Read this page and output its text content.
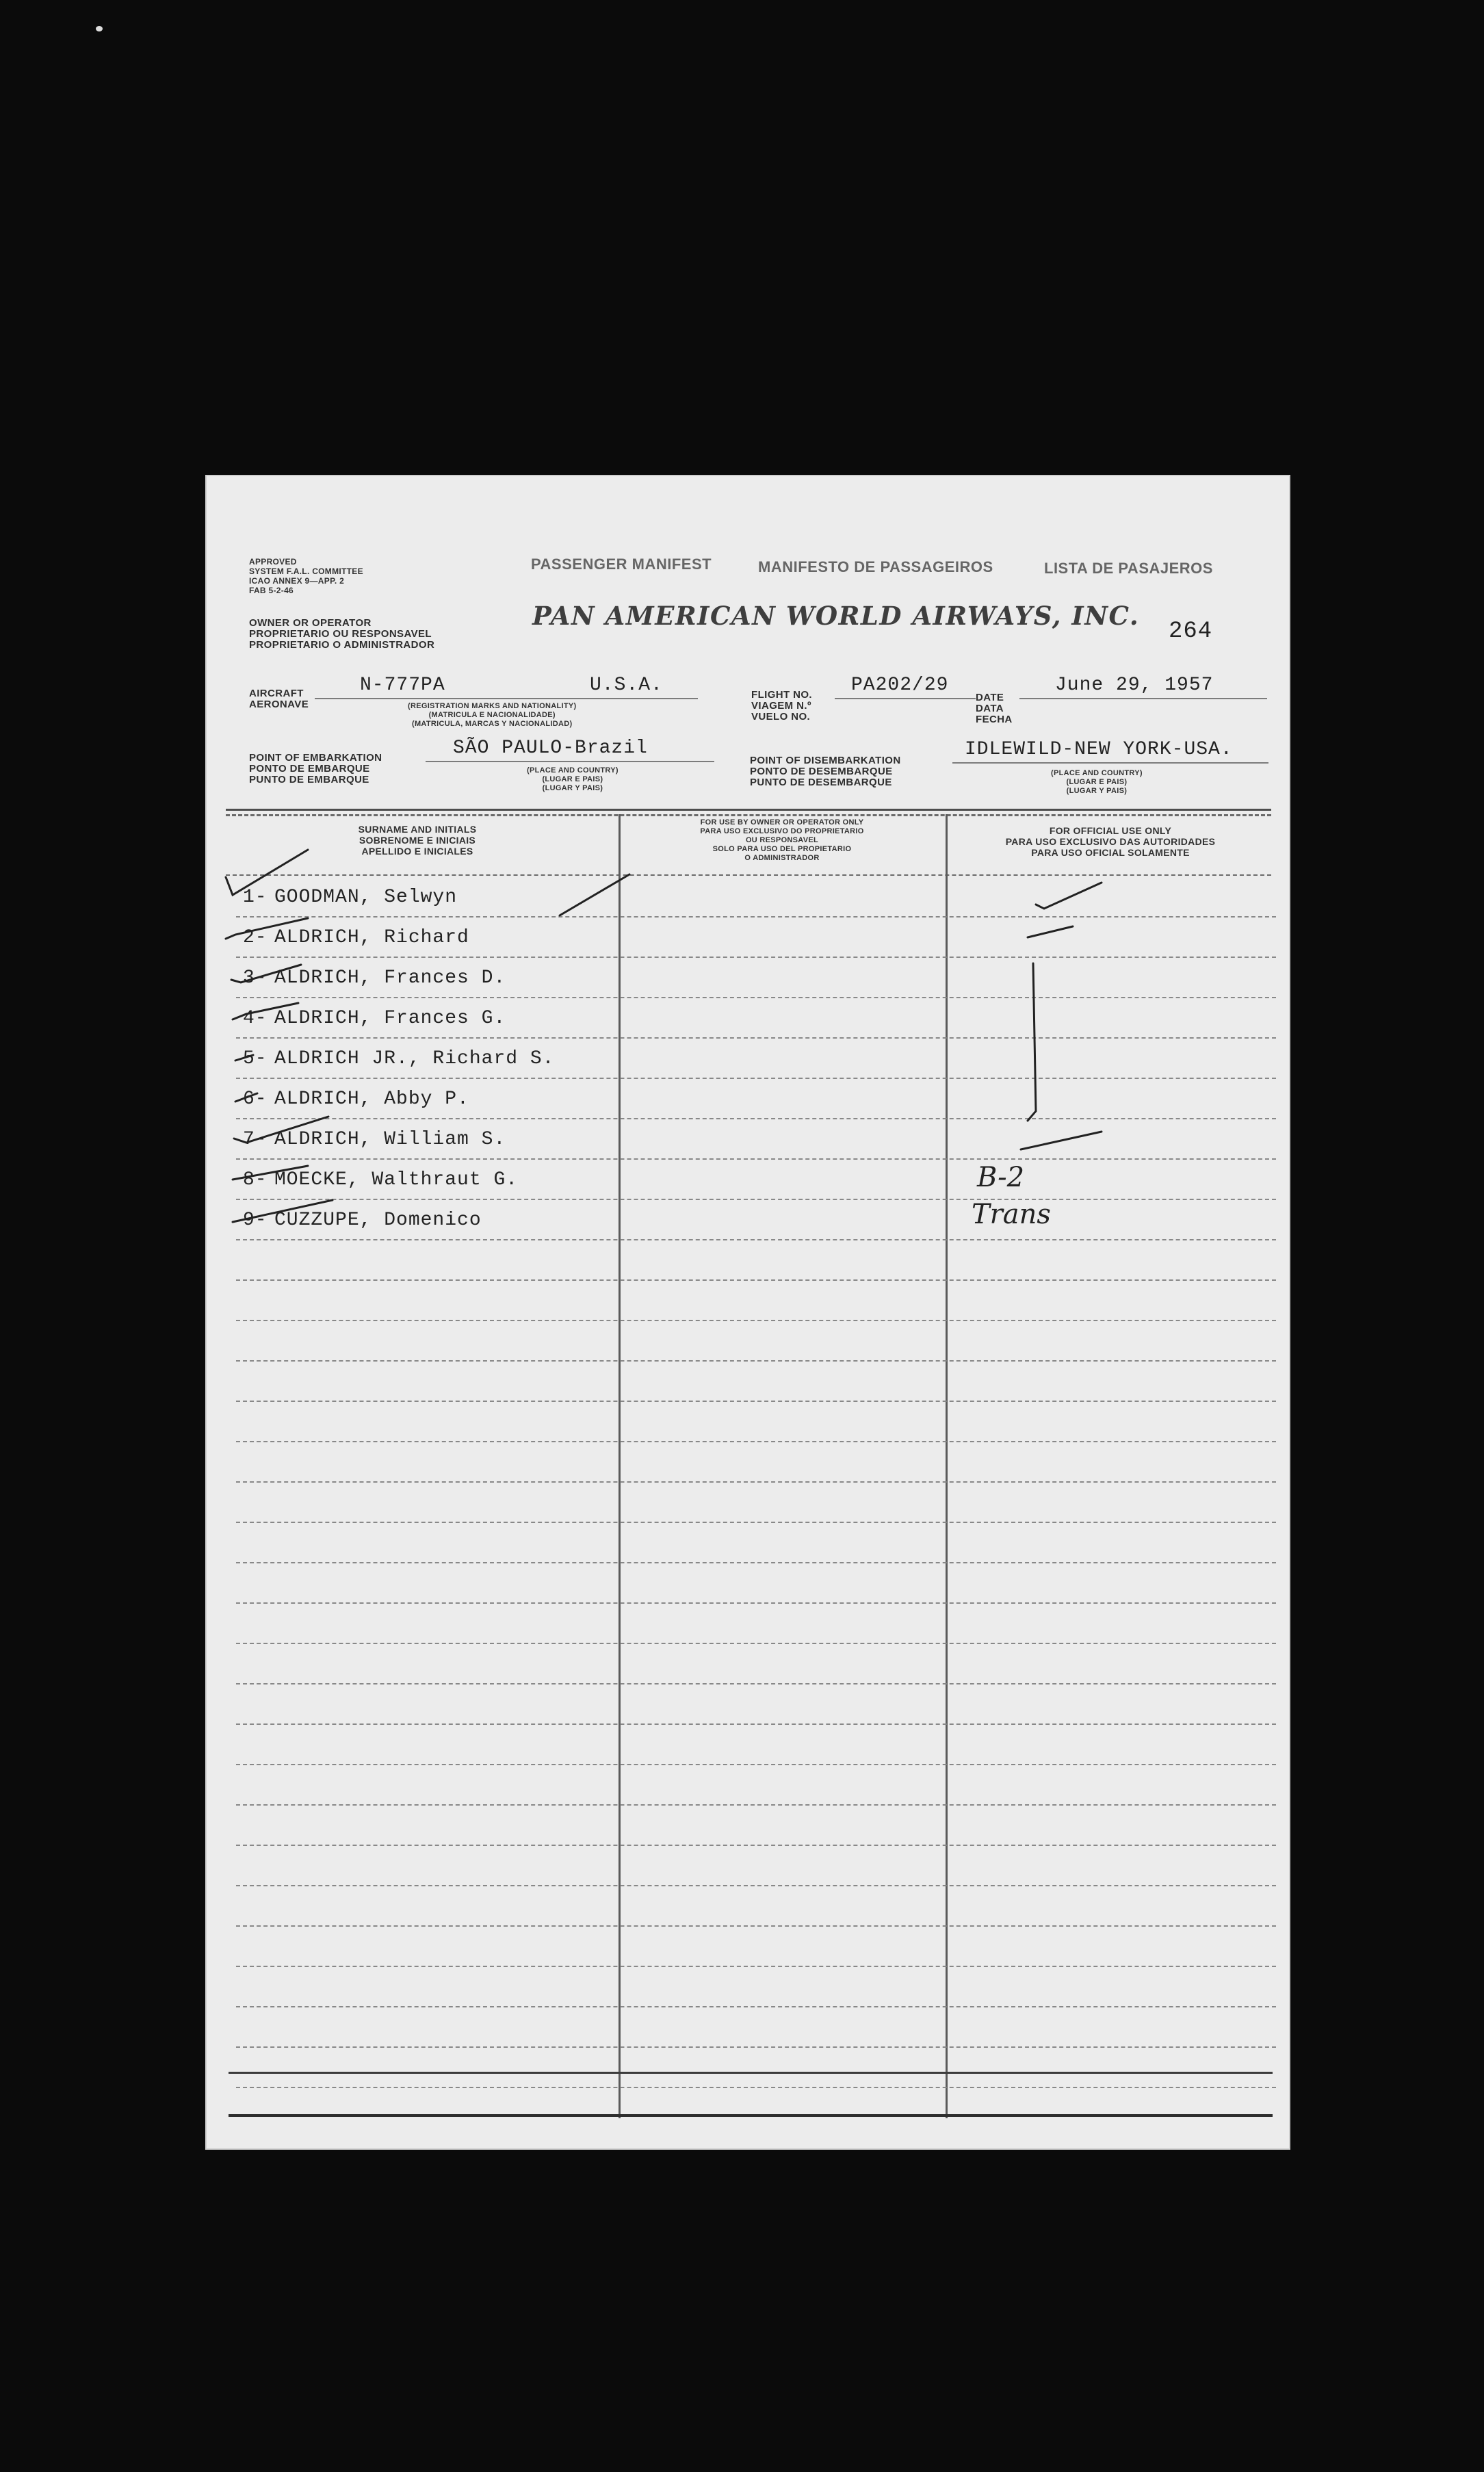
APPROVED
SYSTEM F.A.L. COMMITTEE
ICAO ANNEX 9—APP. 2
FAB 5-2-46
OWNER OR OPERATOR
PROPRIETARIO OU RESPONSAVEL
PROPRIETARIO O ADMINISTRADOR
PASSENGER MANIFEST	MANIFESTO DE PASSAGEIROS	LISTA DE PASAJEROS
PAN AMERICAN WORLD AIRWAYS, INC.
264
AIRCRAFT
AERONAVE
N-777PA	U.S.A.
(REGISTRATION MARKS AND NATIONALITY)
(MATRICULA E NACIONALIDADE)
(MATRICULA, MARCAS Y NACIONALIDAD)
FLIGHT NO.
VIAGEM N.º
VUELO NO.
PA202/29
DATE
DATA
FECHA
June 29, 1957
POINT OF EMBARKATION
PONTO DE EMBARQUE
PUNTO DE EMBARQUE
SÃO PAULO-Brazil
(PLACE AND COUNTRY)
(LUGAR E PAIS)
(LUGAR Y PAIS)
POINT OF DISEMBARKATION
PONTO DE DESEMBARQUE
PUNTO DE DESEMBARQUE
IDLEWILD-NEW YORK-USA.
(PLACE AND COUNTRY)
(LUGAR E PAIS)
(LUGAR Y PAIS)
SURNAME AND INITIALS
SOBRENOME E INICIAIS
APELLIDO E INICIALES
FOR USE BY OWNER OR OPERATOR ONLY
PARA USO EXCLUSIVO DO PROPRIETARIO
OU RESPONSAVEL
SOLO PARA USO DEL PROPIETARIO
O ADMINISTRADOR
FOR OFFICIAL USE ONLY
PARA USO EXCLUSIVO DAS AUTORIDADES
PARA USO OFICIAL SOLAMENTE
1- GOODMAN, Selwyn
2- ALDRICH, Richard
3- ALDRICH, Frances D.
4- ALDRICH, Frances G.
5- ALDRICH JR., Richard S.
6- ALDRICH, Abby P.
7- ALDRICH, William S.
8- MOECKE, Walthraut G.
9- CUZZUPE, Domenico
B-2
Trans
